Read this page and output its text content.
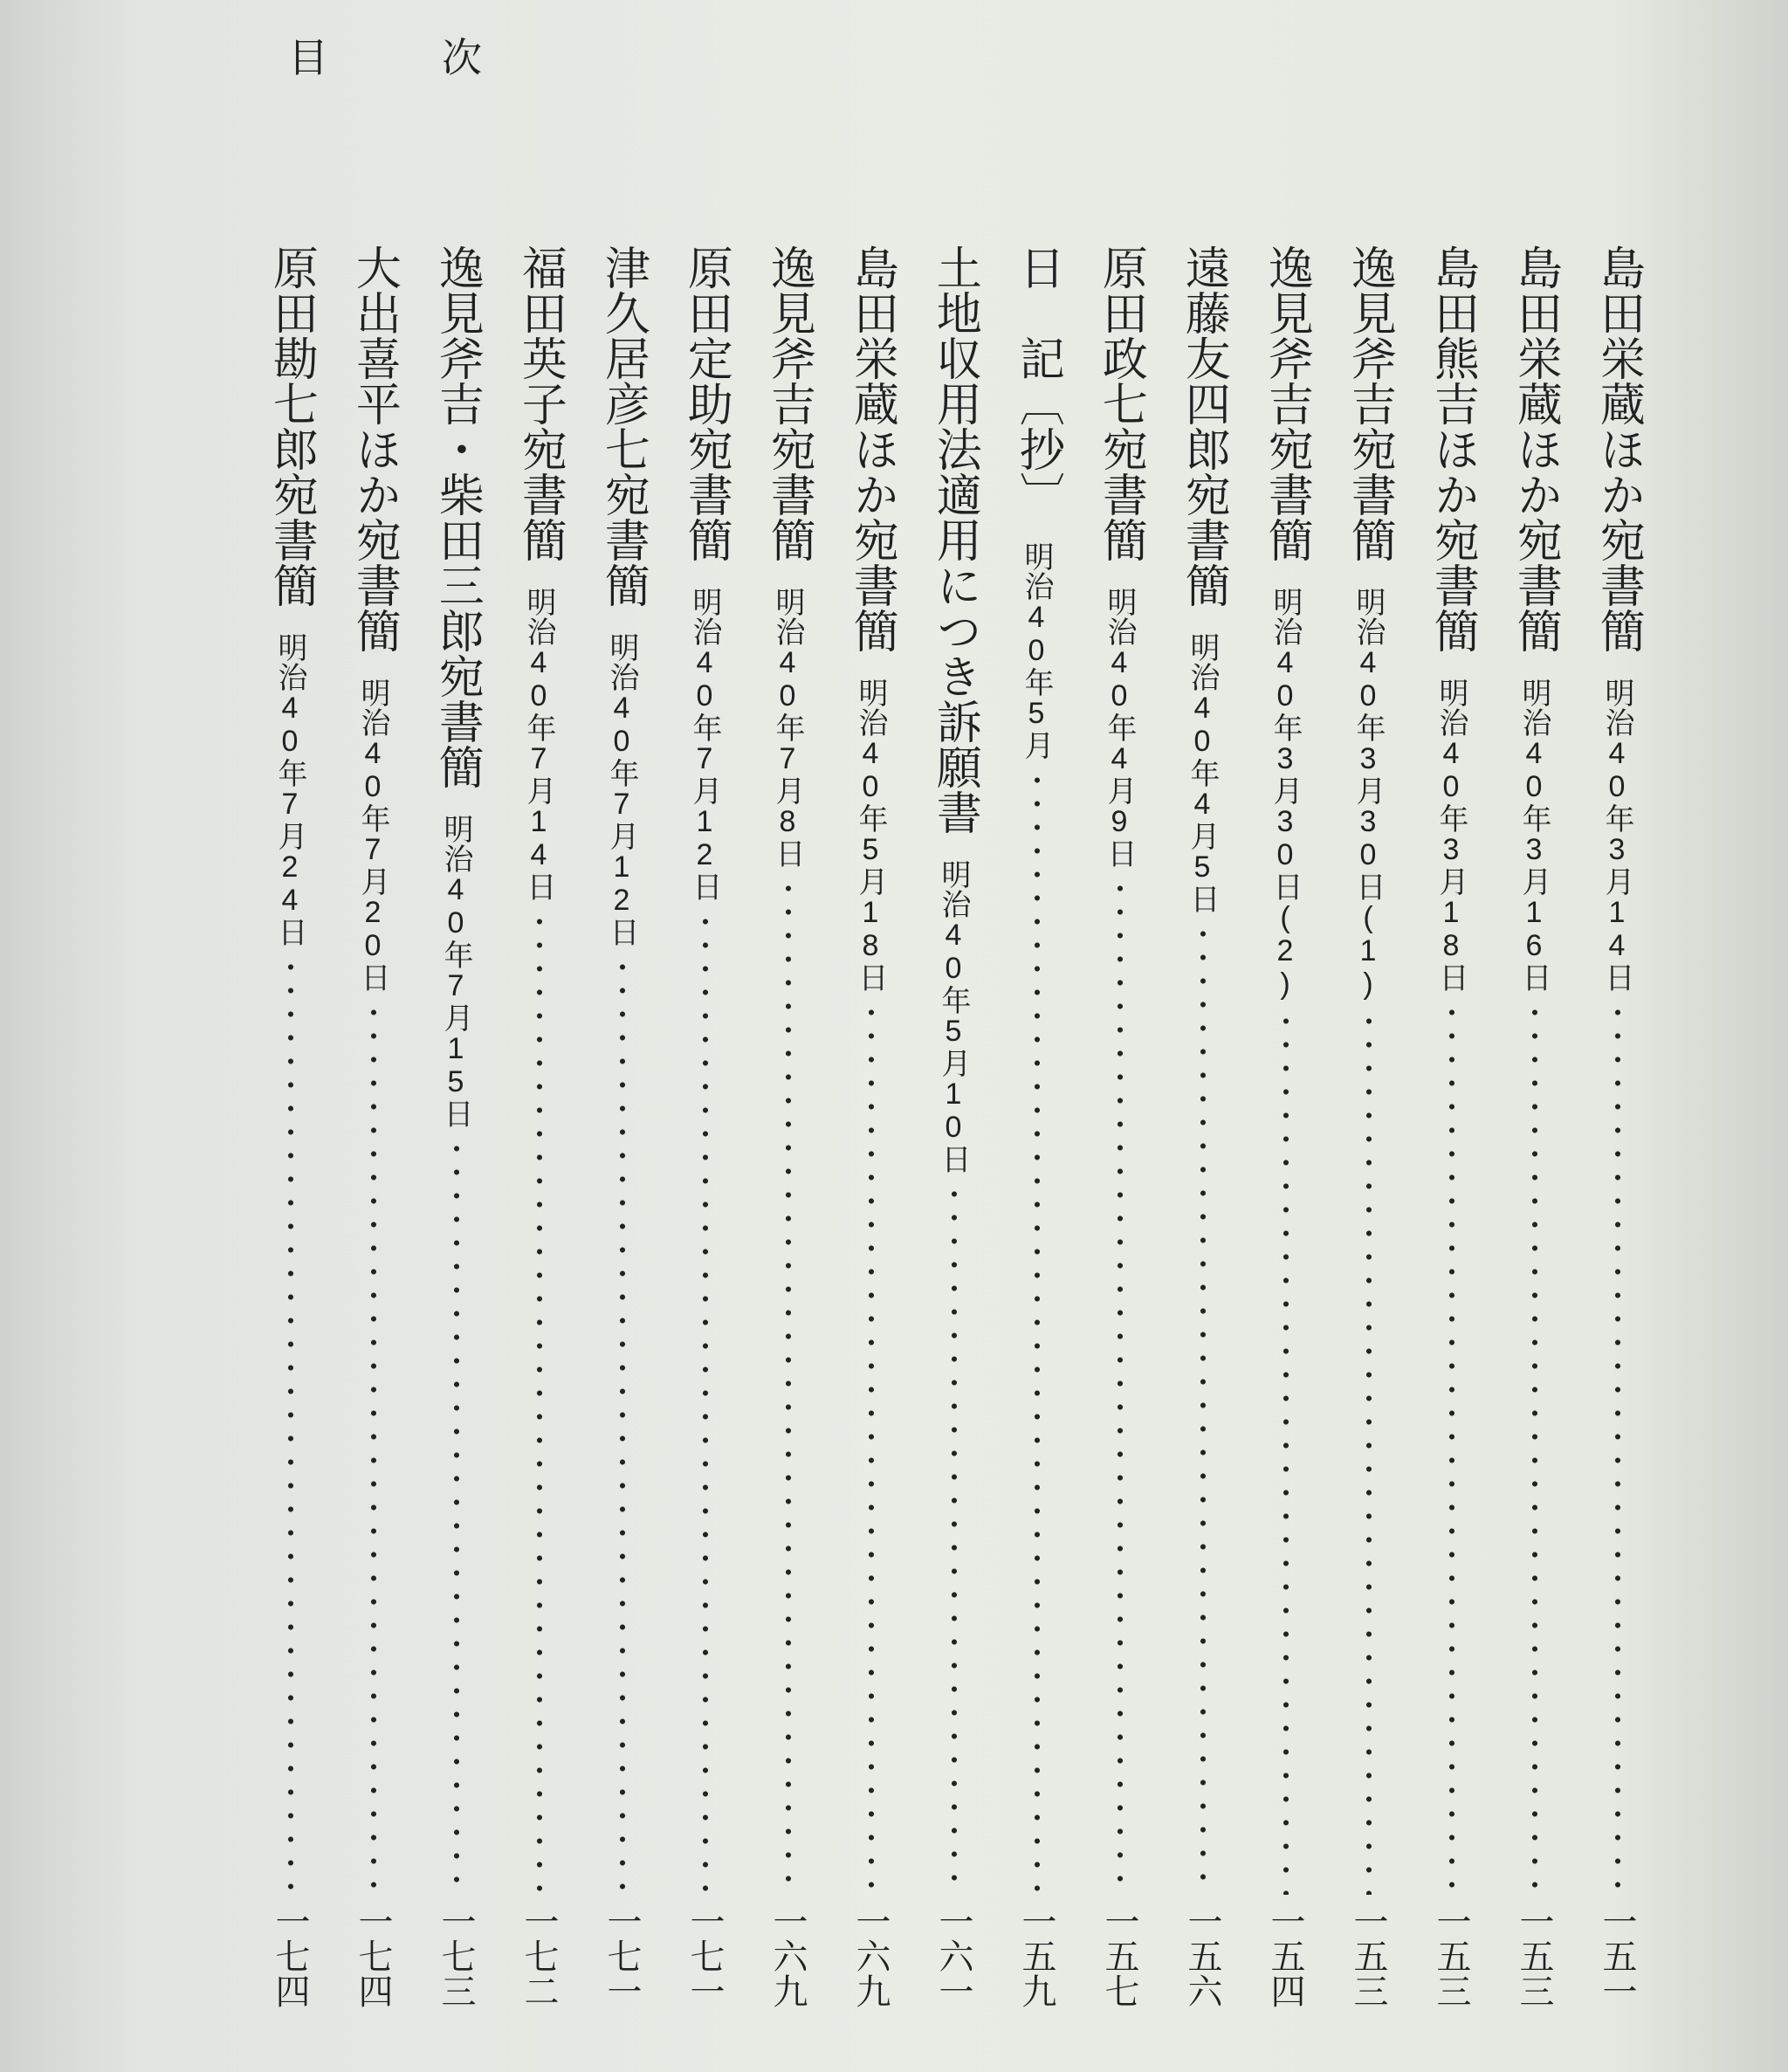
目	次
島田栄蔵ほか宛書簡
明治40年3月14日
一五一
島田栄蔵ほか宛書簡
明治40年3月16日
一五三
島田熊吉ほか宛書簡
明治40年3月18日
一五三
逸見斧吉宛書簡
明治40年3月30日(1)
一五三
逸見斧吉宛書簡
明治40年3月30日(2)
一五四
遠藤友四郎宛書簡
明治40年4月5日
一五六
原田政七宛書簡
明治40年4月9日
一五七
日　記〔抄〕
明治40年5月
一五九
土地収用法適用につき訴願書
明治40年5月10日
一六一
島田栄蔵ほか宛書簡
明治40年5月18日
一六九
逸見斧吉宛書簡
明治40年7月8日
一六九
原田定助宛書簡
明治40年7月12日
一七一
津久居彦七宛書簡
明治40年7月12日
一七一
福田英子宛書簡
明治40年7月14日
一七二
逸見斧吉・柴田三郎宛書簡
明治40年7月15日
一七三
大出喜平ほか宛書簡
明治40年7月20日
一七四
原田勘七郎宛書簡
明治40年7月24日
一七四
